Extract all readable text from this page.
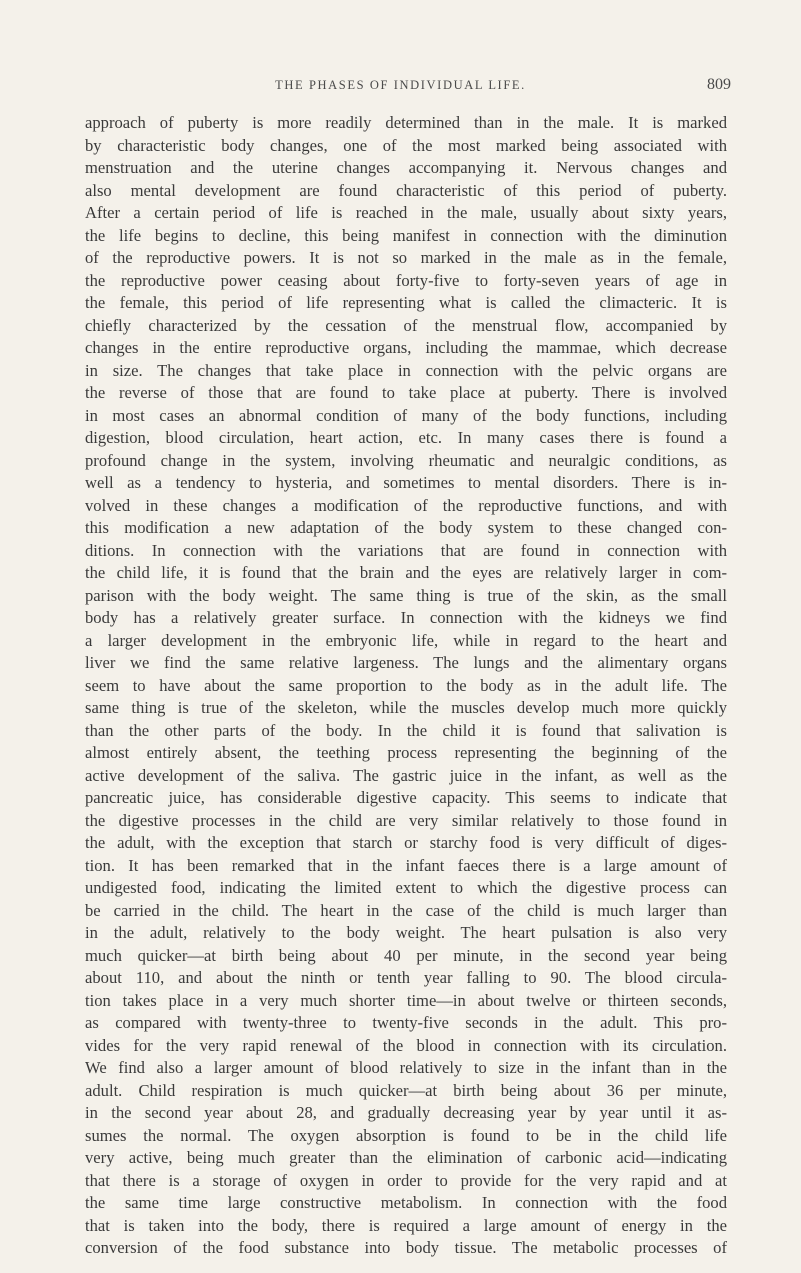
THE PHASES OF INDIVIDUAL LIFE.	809
approach of puberty is more readily determined than in the male. It is marked
by characteristic body changes, one of the most marked being associated with
menstruation and the uterine changes accompanying it. Nervous changes and
also mental development are found characteristic of this period of puberty.
After a certain period of life is reached in the male, usually about sixty years,
the life begins to decline, this being manifest in connection with the diminution
of the reproductive powers. It is not so marked in the male as in the female,
the reproductive power ceasing about forty-five to forty-seven years of age in
the female, this period of life representing what is called the climacteric. It is
chiefly characterized by the cessation of the menstrual flow, accompanied by
changes in the entire reproductive organs, including the mammae, which decrease
in size. The changes that take place in connection with the pelvic organs are
the reverse of those that are found to take place at puberty. There is involved
in most cases an abnormal condition of many of the body functions, including
digestion, blood circulation, heart action, etc. In many cases there is found a
profound change in the system, involving rheumatic and neuralgic conditions, as
well as a tendency to hysteria, and sometimes to mental disorders. There is in-
volved in these changes a modification of the reproductive functions, and with
this modification a new adaptation of the body system to these changed con-
ditions. In connection with the variations that are found in connection with
the child life, it is found that the brain and the eyes are relatively larger in com-
parison with the body weight. The same thing is true of the skin, as the small
body has a relatively greater surface. In connection with the kidneys we find
a larger development in the embryonic life, while in regard to the heart and
liver we find the same relative largeness. The lungs and the alimentary organs
seem to have about the same proportion to the body as in the adult life. The
same thing is true of the skeleton, while the muscles develop much more quickly
than the other parts of the body. In the child it is found that salivation is
almost entirely absent, the teething process representing the beginning of the
active development of the saliva. The gastric juice in the infant, as well as the
pancreatic juice, has considerable digestive capacity. This seems to indicate that
the digestive processes in the child are very similar relatively to those found in
the adult, with the exception that starch or starchy food is very difficult of diges-
tion. It has been remarked that in the infant faeces there is a large amount of
undigested food, indicating the limited extent to which the digestive process can
be carried in the child. The heart in the case of the child is much larger than
in the adult, relatively to the body weight. The heart pulsation is also very
much quicker—at birth being about 40 per minute, in the second year being
about 110, and about the ninth or tenth year falling to 90. The blood circula-
tion takes place in a very much shorter time—in about twelve or thirteen seconds,
as compared with twenty-three to twenty-five seconds in the adult. This pro-
vides for the very rapid renewal of the blood in connection with its circulation.
We find also a larger amount of blood relatively to size in the infant than in the
adult. Child respiration is much quicker—at birth being about 36 per minute,
in the second year about 28, and gradually decreasing year by year until it as-
sumes the normal. The oxygen absorption is found to be in the child life
very active, being much greater than the elimination of carbonic acid—indicating
that there is a storage of oxygen in order to provide for the very rapid and at
the same time large constructive metabolism. In connection with the food
that is taken into the body, there is required a large amount of energy in the
conversion of the food substance into body tissue. The metabolic processes of
